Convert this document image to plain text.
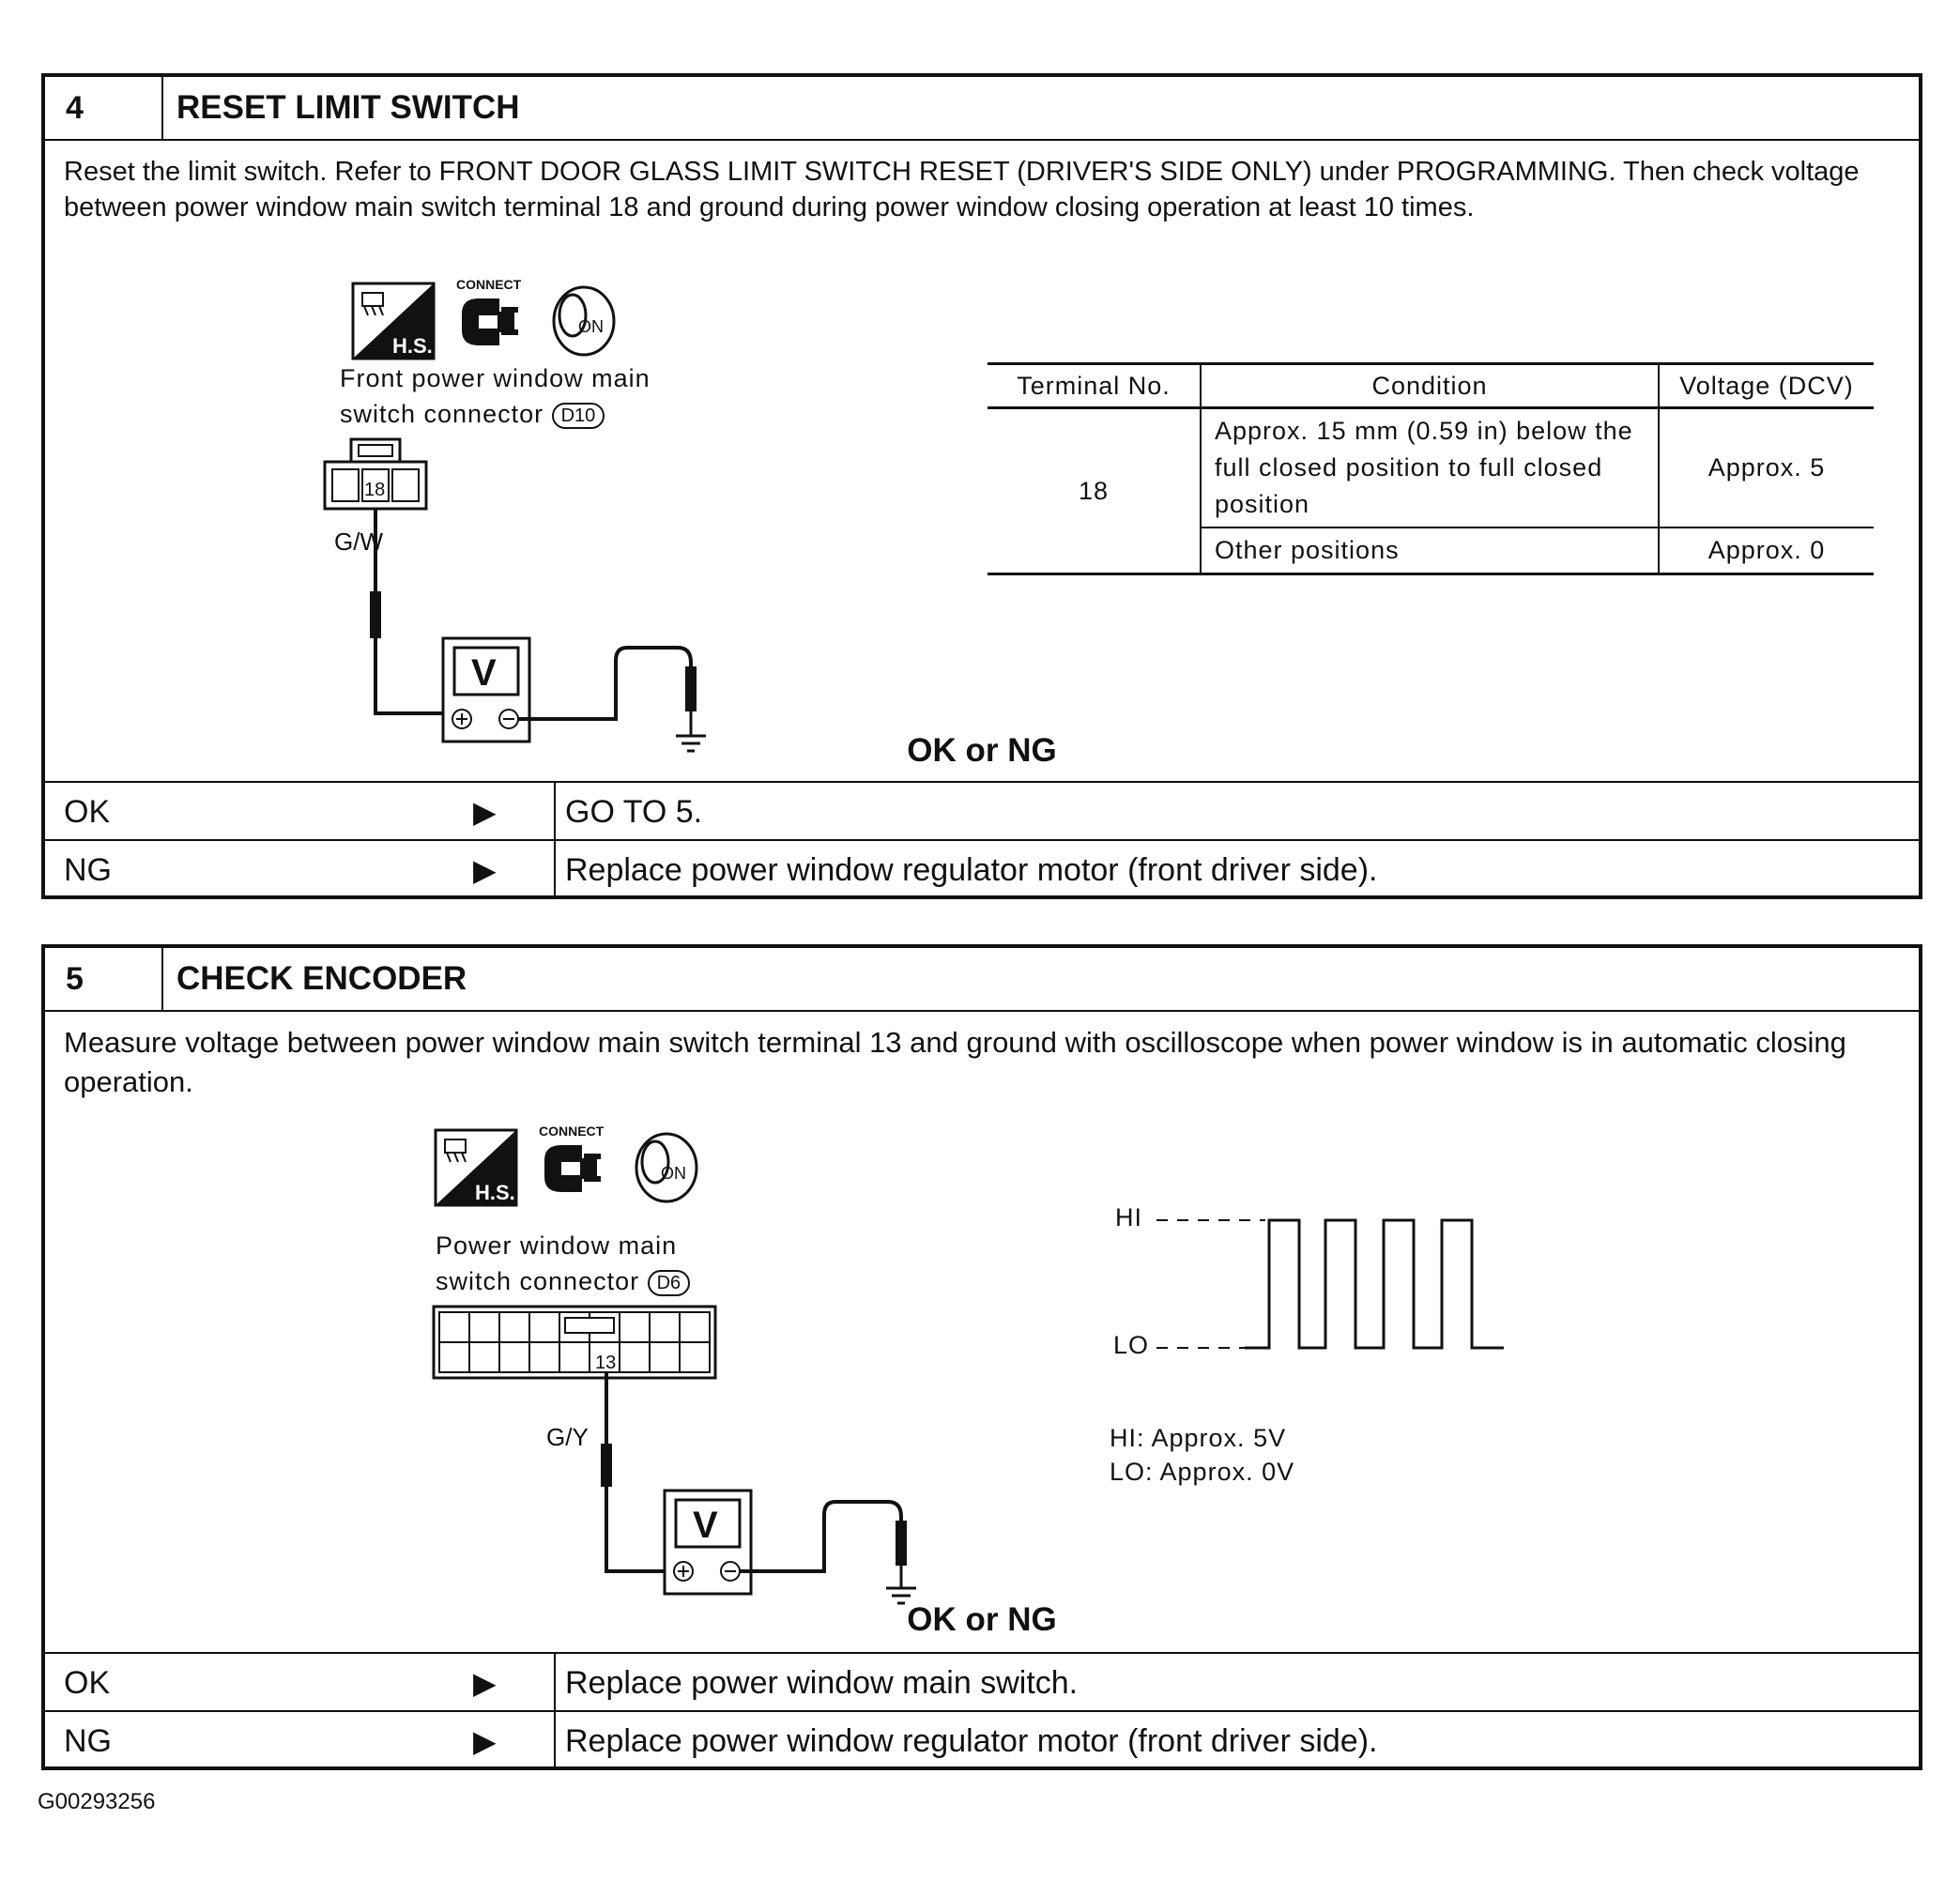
4	RESET LIMIT SWITCH
Reset the limit switch. Refer to FRONT DOOR GLASS LIMIT SWITCH RESET (DRIVER'S SIDE ONLY) under PROGRAMMING. Then check voltage between power window main switch terminal 18 and ground during power window closing operation at least 10 times.
H.S.
CONNECT
ON
Front power window main
switch connector D10
18
V
G/W
Terminal No.	Condition	Voltage (DCV)
18	Approx. 15 mm (0.59 in) below the full closed position to full closed position	Approx. 5
	Other positions	Approx. 0
OK or NG
OK	▶	GO TO 5.
NG	▶	Replace power window regulator motor (front driver side).
5	CHECK ENCODER
Measure voltage between power window main switch terminal 13 and ground with oscilloscope when power window is in automatic closing operation.
H.S.
CONNECT
ON
Power window main
switch connector D6
13
V
G/Y
HI
LO
HI: Approx. 5V
LO: Approx. 0V
OK or NG
OK	▶	Replace power window main switch.
NG	▶	Replace power window regulator motor (front driver side).
G00293256
